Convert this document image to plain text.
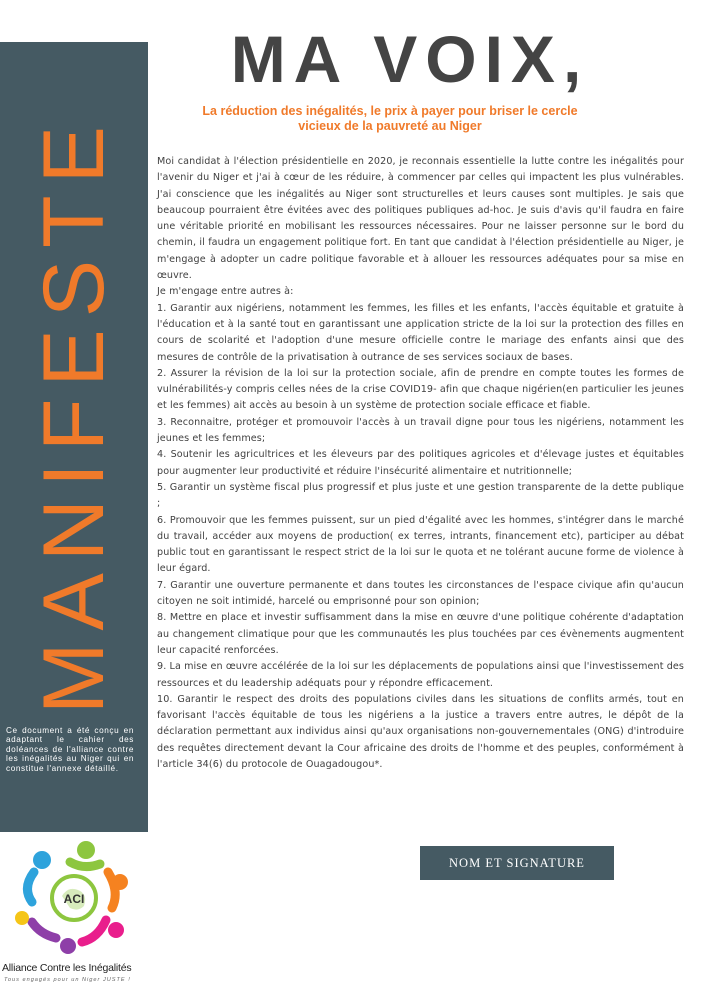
MANIFESTE
Ce document a été conçu en adaptant le cahier des doléances de l'alliance contre les inégalités au Niger qui en constitue l'annexe détaillé.
MA VOIX,
La réduction des inégalités, le prix à payer pour briser le cercle vicieux de la pauvreté au Niger

Moi candidat à l'élection présidentielle en 2020, je reconnais essentielle la lutte contre les inégalités pour l'avenir du Niger et j'ai à cœur de les réduire, à commencer par celles qui impactent les plus vulnérables. J'ai conscience que les inégalités au Niger sont structurelles et leurs causes sont multiples. Je sais que beaucoup pourraient être évitées avec des politiques publiques ad-hoc. Je suis d'avis qu'il faudra en faire une véritable priorité en mobilisant les ressources nécessaires. Pour ne laisser personne sur le bord du chemin, il faudra un engagement politique fort. En tant que candidat à l'élection présidentielle au Niger, je m'engage à adopter un cadre politique favorable et à allouer les ressources adéquates pour sa mise en œuvre.

Je m'engage entre autres à:

1. Garantir aux nigériens, notamment les femmes, les filles et les enfants, l'accès équitable et gratuite à l'éducation et à la santé tout en garantissant une application stricte de la loi sur la protection des filles en cours de scolarité et l'adoption d'une mesure officielle contre le mariage des enfants ainsi que des mesures de contrôle de la privatisation à outrance de ses services sociaux de bases.

2. Assurer la révision de la loi sur la protection sociale, afin de prendre en compte toutes les formes de vulnérabilités-y compris celles nées de la crise COVID19- afin que chaque nigérien(en particulier les jeunes et les femmes) ait accès au besoin à un système de protection sociale efficace et fiable.

3. Reconnaitre, protéger et promouvoir l'accès à un travail digne pour tous les nigériens, notamment les jeunes et les femmes;

4. Soutenir les agricultrices et les éleveurs par des politiques agricoles et d'élevage justes et équitables pour augmenter leur productivité et réduire l'insécurité alimentaire et nutritionnelle;

5. Garantir un système fiscal plus progressif et plus juste et une gestion transparente de la dette publique ;

6. Promouvoir que les femmes puissent, sur un pied d'égalité avec les hommes, s'intégrer dans le marché du travail, accéder aux moyens de production( ex terres, intrants, financement etc), participer au débat public tout en garantissant le respect strict de la loi sur le quota et ne tolérant aucune forme de violence à leur égard.

7. Garantir une ouverture permanente et dans toutes les circonstances de l'espace civique afin qu'aucun citoyen ne soit intimidé, harcelé ou emprisonné pour son opinion;

8. Mettre en place et investir suffisamment dans la mise en œuvre d'une politique cohérente d'adaptation au changement climatique pour que les communautés les plus touchées par ces évènements augmentent leur capacité renforcées.

9. La mise en œuvre accélérée de la loi sur les déplacements de populations ainsi que l'investissement des ressources et du leadership adéquats pour y répondre efficacement.

10. Garantir le respect des droits des populations civiles dans les situations de conflits armés, tout en favorisant l'accès équitable de tous les nigériens a la justice a travers entre autres, le dépôt de la déclaration permettant aux individus ainsi qu'aux organisations non-gouvernementales (ONG) d'introduire des requêtes directement devant la Cour africaine des droits de l'homme et des peuples, conformément à l'article 34(6) du protocole de Ouagadougou*.

NOM ET SIGNATURE
ACI
Alliance Contre les Inégalités
Tous engagés pour un Niger JUSTE !
